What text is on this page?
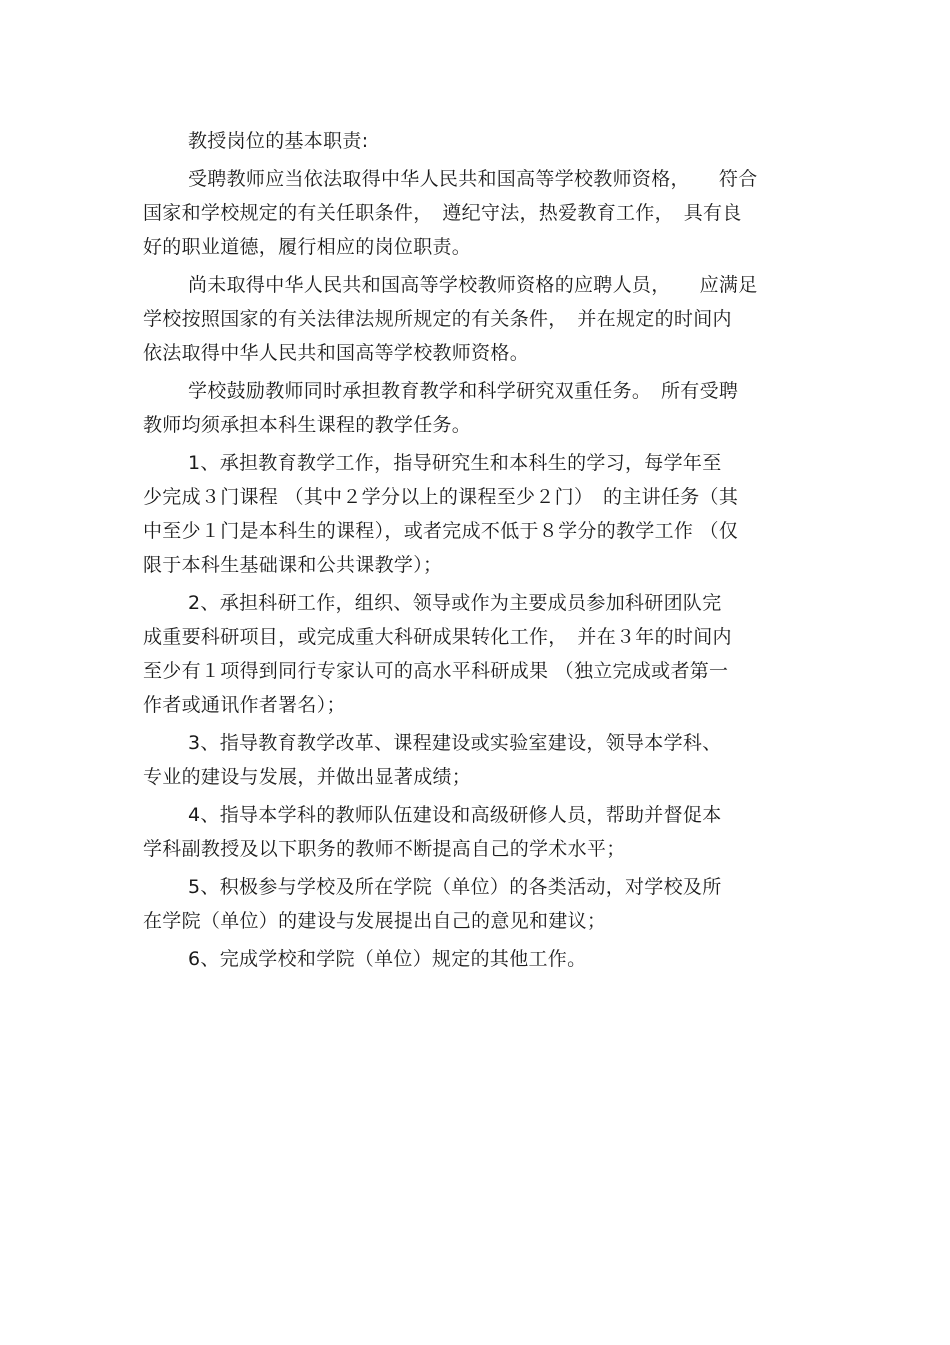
教授岗位的基本职责:

受聘教师应当依法取得中华人民共和国高等学校教师资格，　　符合
国家和学校规定的有关任职条件，　遵纪守法，热爱教育工作，　具有良
好的职业道德，履行相应的岗位职责。

尚未取得中华人民共和国高等学校教师资格的应聘人员，　　应满足
学校按照国家的有关法律法规所规定的有关条件，　并在规定的时间内
依法取得中华人民共和国高等学校教师资格。

学校鼓励教师同时承担教育教学和科学研究双重任务。　所有受聘
教师均须承担本科生课程的教学任务。

1、承担教育教学工作，指导研究生和本科生的学习，每学年至
少完成３门课程 （其中２学分以上的课程至少２门）　的主讲任务（其
中至少１门是本科生的课程），或者完成不低于８学分的教学工作 （仅
限于本科生基础课和公共课教学）；

2、承担科研工作，组织、领导或作为主要成员参加科研团队完
成重要科研项目，或完成重大科研成果转化工作，　并在３年的时间内
至少有１项得到同行专家认可的高水平科研成果 （独立完成或者第一
作者或通讯作者署名）；

3、指导教育教学改革、课程建设或实验室建设，领导本学科、
专业的建设与发展，并做出显著成绩；

4、指导本学科的教师队伍建设和高级研修人员，帮助并督促本
学科副教授及以下职务的教师不断提高自己的学术水平；

5、积极参与学校及所在学院（单位）的各类活动，对学校及所
在学院（单位）的建设与发展提出自己的意见和建议；

6、完成学校和学院（单位）规定的其他工作。
